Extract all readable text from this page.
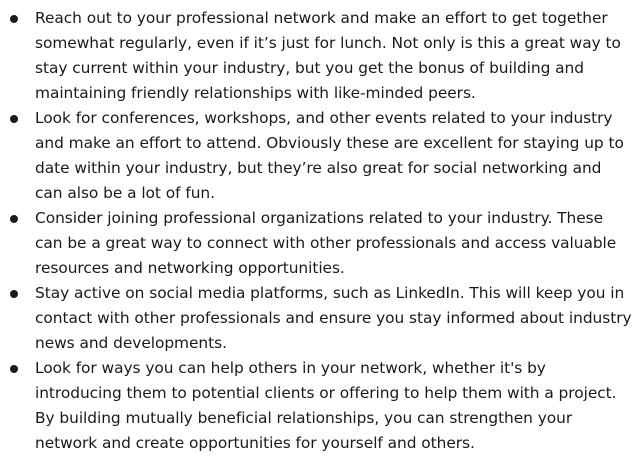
Reach out to your professional network and make an effort to get together somewhat regularly, even if it’s just for lunch. Not only is this a great way to stay current within your industry, but you get the bonus of building and maintaining friendly relationships with like-minded peers.
Look for conferences, workshops, and other events related to your industry and make an effort to attend. Obviously these are excellent for staying up to date within your industry, but they’re also great for social networking and can also be a lot of fun.
Consider joining professional organizations related to your industry. These can be a great way to connect with other professionals and access valuable resources and networking opportunities.
Stay active on social media platforms, such as LinkedIn. This will keep you in contact with other professionals and ensure you stay informed about industry news and developments.
Look for ways you can help others in your network, whether it's by introducing them to potential clients or offering to help them with a project. By building mutually beneficial relationships, you can strengthen your network and create opportunities for yourself and others.
